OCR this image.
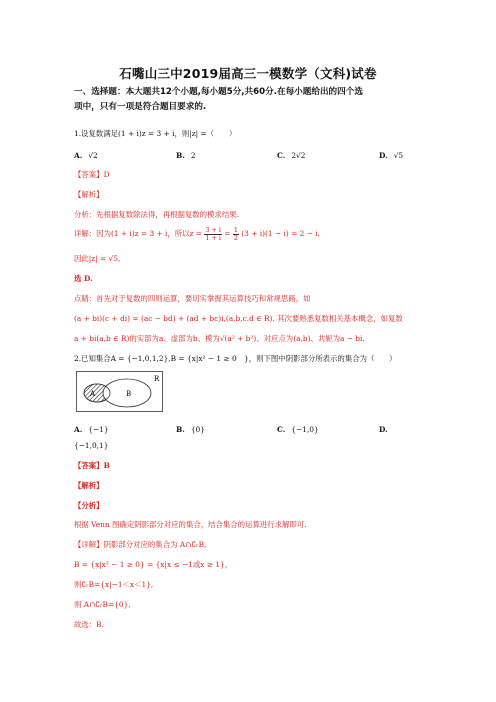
石嘴山三中2019届高三一模数学（文科)试卷
一、选择题：本大题共12个小题,每小题5分,共60分.在每小题给出的四个选
项中，只有一项是符合题目要求的.
1.设复数满足(1 + i)z = 3 + i，则|z| =（　　）
A. √2	B. 2	C. 2√2	D. √5
【答案】D
【解析】
分析：先根据复数除法得，再根据复数的模求结果.
详解：因为(1 + i)z = 3 + i，所以$z = \frac{3 + i}{1 + i} = \frac{1}{2} (3 + i)(1 - i) = 2 - i$,
因此|z| = √5,
选 D.
点睛：首先对于复数的四则运算，要切实掌握其运算技巧和常规思路，如
(a + bi)(c + di) = (ac − bd) + (ad + bc)i,(a,b,c.d ∈ R). 其次要熟悉复数相关基本概念，如复数
a + bi(a,b ∈ R)的实部为a、虚部为b、模为√(a² + b²)、对应点为(a,b)、共轭为a − bi.
2.已知集合A = {−1,0,1,2},B = {x|x² − 1 ≥ 0　}，则下图中阴影部分所表示的集合为（　　）
R
A	B
A. {−1}	B. {0}	C. {−1,0}	D.
{−1,0,1}
【答案】B
【解析】
【分析】
根据 Venn 图确定阴影部分对应的集合，结合集合的运算进行求解即可.
【详解】阴影部分对应的集合为 A∩∁ᵣB,
B = {x|x² − 1 ≥ 0} = {x|x ≤ −1或x ≥ 1}，
则∁ᵣB={x|−1＜x＜1},
则 A∩∁ᵣB={0},
故选：B.
